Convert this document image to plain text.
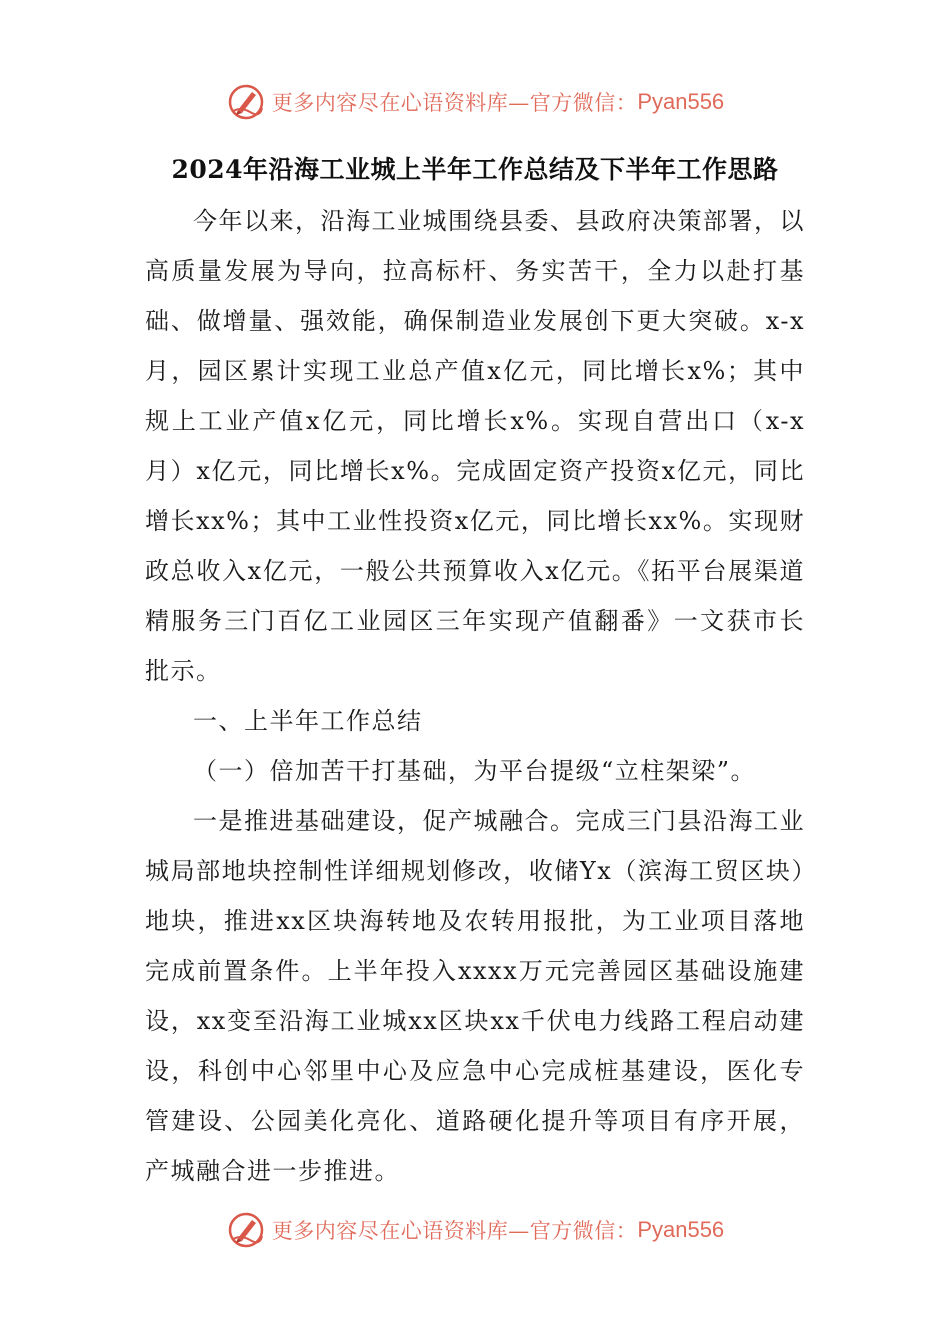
更多内容尽在心语资料库—官方微信： Pyan556
2024年沿海工业城上半年工作总结及下半年工作思路

今年以来，沿海工业城围绕县委、县政府决策部署，以高质量发展为导向，拉高标杆、务实苦干，全力以赴打基础、做增量、强效能，确保制造业发展创下更大突破。x-x月，园区累计实现工业总产值x亿元，同比增长x%；其中规上工业产值x亿元，同比增长x%。实现自营出口（x-x月）x亿元，同比增长x%。完成固定资产投资x亿元，同比增长xx%；其中工业性投资x亿元，同比增长xx%。实现财政总收入x亿元，一般公共预算收入x亿元。《拓平台展渠道精服务三门百亿工业园区三年实现产值翻番》一文获市长批示。

一、上半年工作总结

（一）倍加苦干打基础，为平台提级“立柱架梁”。

一是推进基础建设，促产城融合。完成三门县沿海工业城局部地块控制性详细规划修改，收储Yx（滨海工贸区块）地块，推进xx区块海转地及农转用报批，为工业项目落地完成前置条件。上半年投入xxxx万元完善园区基础设施建设，xx变至沿海工业城xx区块xx千伏电力线路工程启动建设，科创中心邻里中心及应急中心完成桩基建设，医化专管建设、公园美化亮化、道路硬化提升等项目有序开展，产城融合进一步推进。

更多内容尽在心语资料库—官方微信： Pyan556
